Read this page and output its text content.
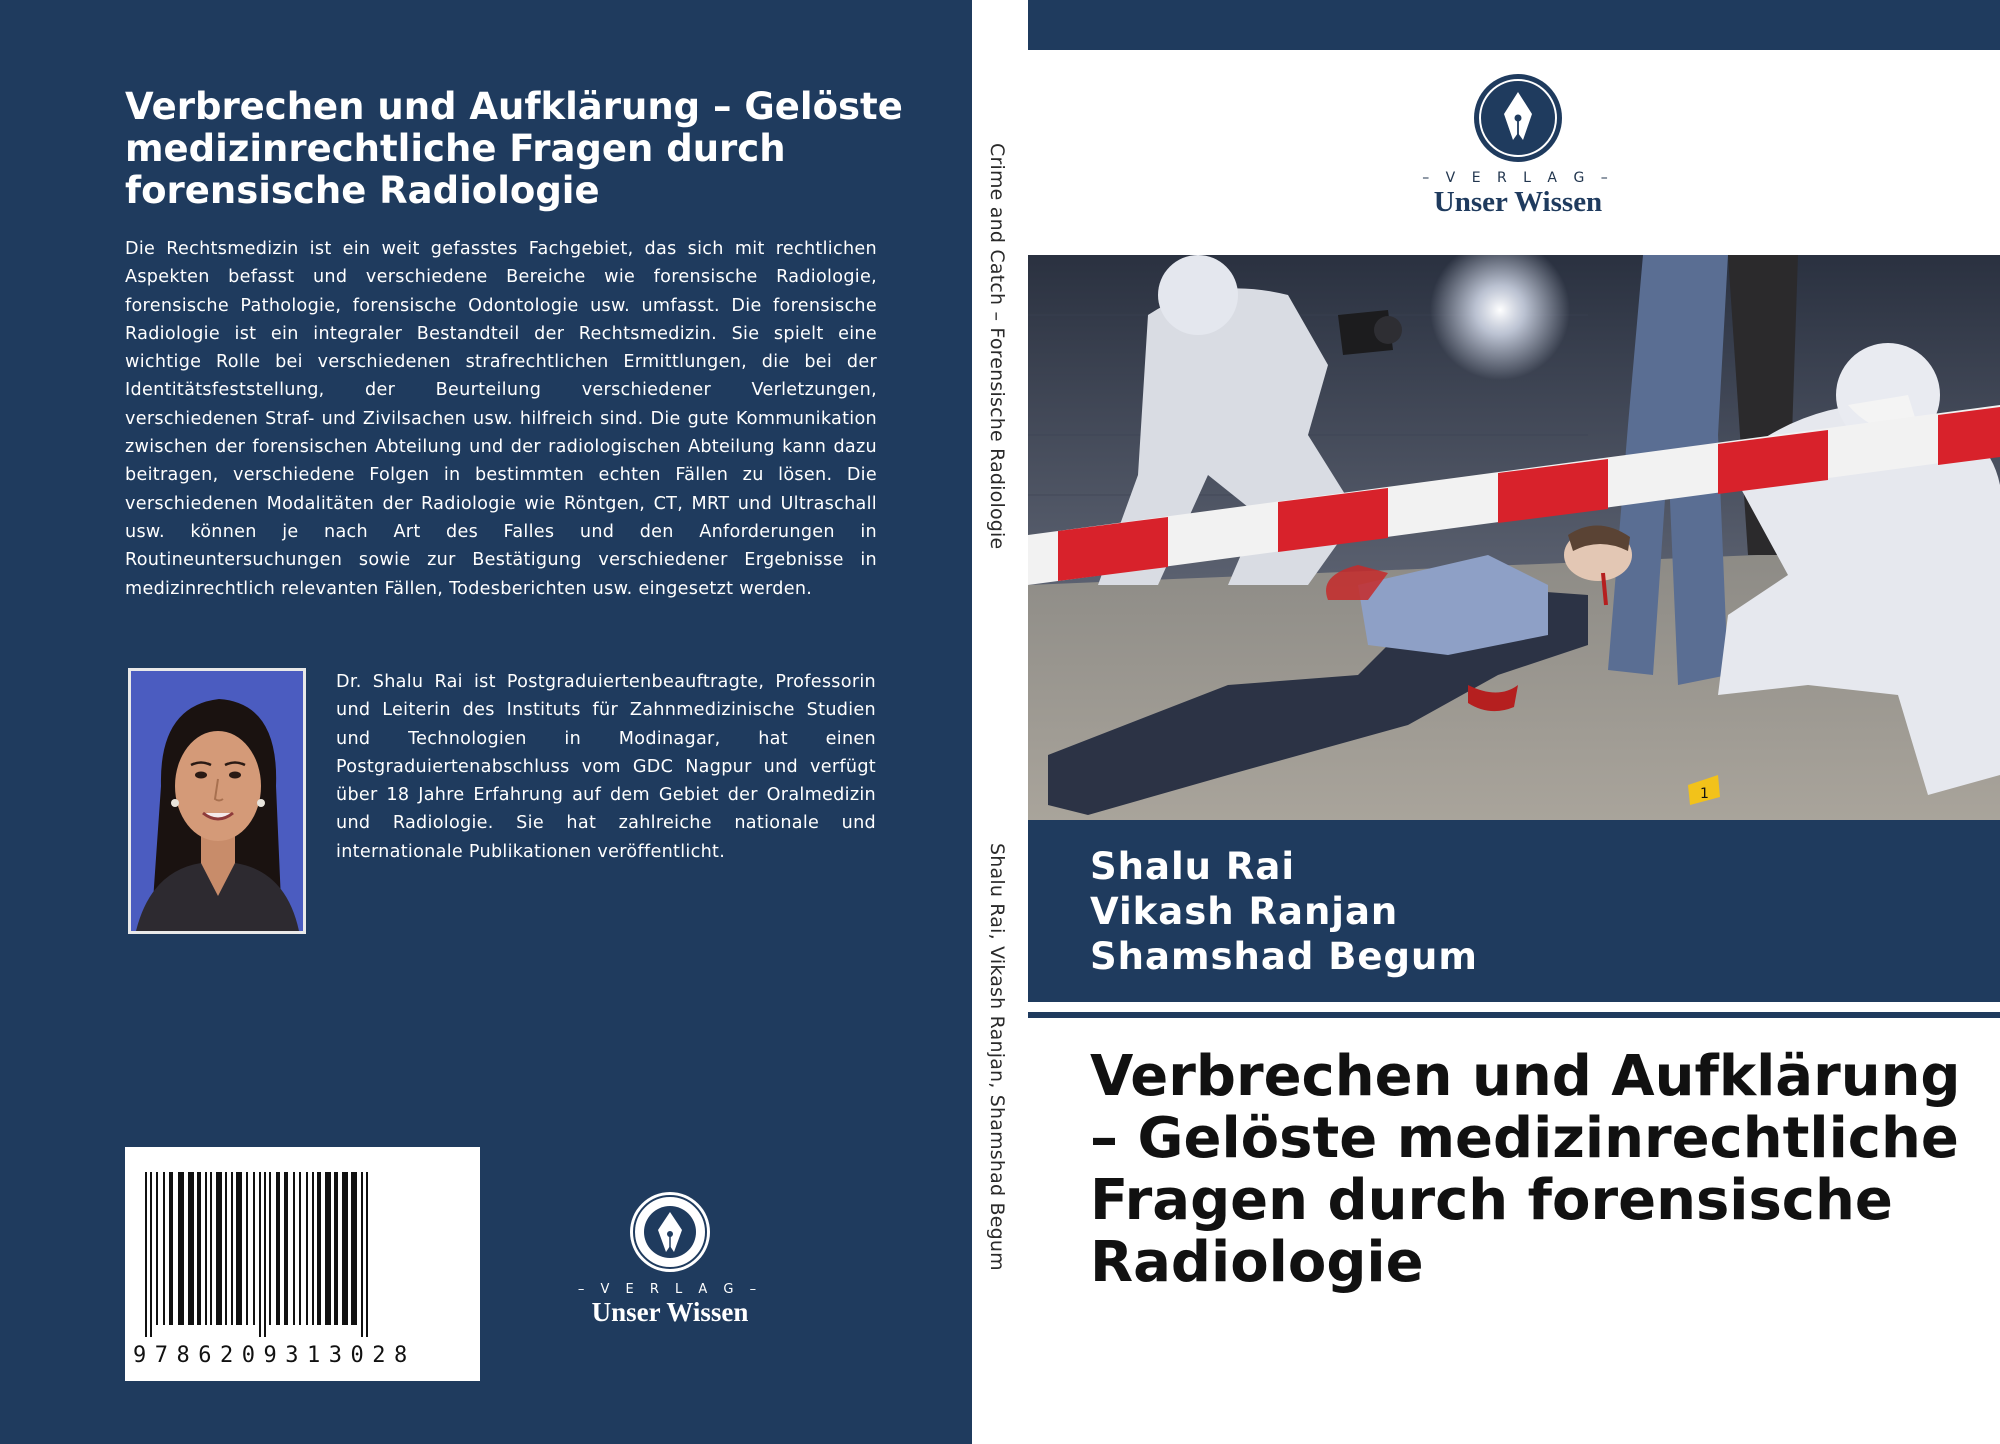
Verbrechen und Aufklärung – Gelöste medizinrechtliche Fragen durch forensische Radiologie

Die Rechtsmedizin ist ein weit gefasstes Fachgebiet, das sich mit rechtlichen Aspekten befasst und verschiedene Bereiche wie forensische Radiologie, forensische Pathologie, forensische Odontologie usw. umfasst. Die forensische Radiologie ist ein integraler Bestandteil der Rechtsmedizin. Sie spielt eine wichtige Rolle bei verschiedenen strafrechtlichen Ermittlungen, die bei der Identitätsfeststellung, der Beurteilung verschiedener Verletzungen, verschiedenen Straf- und Zivilsachen usw. hilfreich sind. Die gute Kommunikation zwischen der forensischen Abteilung und der radiologischen Abteilung kann dazu beitragen, verschiedene Folgen in bestimmten echten Fällen zu lösen. Die verschiedenen Modalitäten der Radiologie wie Röntgen, CT, MRT und Ultraschall usw. können je nach Art des Falles und den Anforderungen in Routineuntersuchungen sowie zur Bestätigung verschiedener Ergebnisse in medizinrechtlich relevanten Fällen, Todesberichten usw. eingesetzt werden.

Dr. Shalu Rai ist Postgraduiertenbeauftragte, Professorin und Leiterin des Instituts für Zahnmedizinische Studien und Technologien in Modinagar, hat einen Postgraduiertenabschluss vom GDC Nagpur und verfügt über 18 Jahre Erfahrung auf dem Gebiet der Oralmedizin und Radiologie. Sie hat zahlreiche nationale und internationale Publikationen veröffentlicht.

9786209313028
– V E R L A G –
Unser Wissen
Crime and Catch – Forensische Radiologie
Shalu Rai, Vikash Ranjan, Shamshad Begum
– V E R L A G –
Unser Wissen
1
Shalu Rai
Vikash Ranjan
Shamshad Begum
Verbrechen und Aufklärung – Gelöste medizinrechtliche Fragen durch forensische Radiologie
